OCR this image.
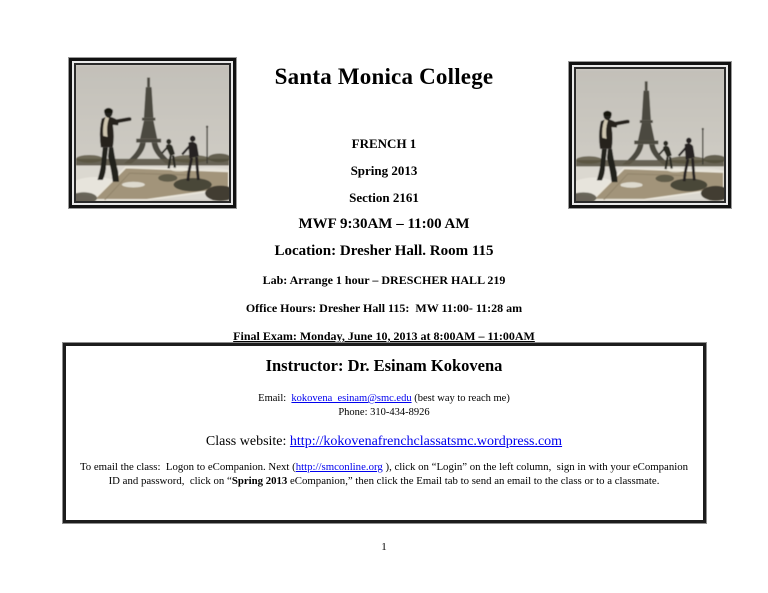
Santa Monica College
FRENCH 1
Spring 2013
Section 2161
MWF 9:30AM – 11:00 AM
Location: Dresher Hall. Room 115
Lab: Arrange 1 hour – DRESCHER HALL 219
Office Hours: Dresher Hall 115:  MW 11:00- 11:28 am
Final Exam: Monday, June 10, 2013 at 8:00AM – 11:00AM
Instructor: Dr. Esinam Kokovena
Email:  kokovena_esinam@smc.edu (best way to reach me)
Phone: 310-434-8926
Class website: http://kokovenafrenchclassatsmc.wordpress.com
To email the class:  Logon to eCompanion. Next (http://smconline.org ), click on “Login” on the left column,  sign in with your eCompanion ID and password,  click on “Spring 2013 eCompanion,” then click the Email tab to send an email to the class or to a classmate.
1
